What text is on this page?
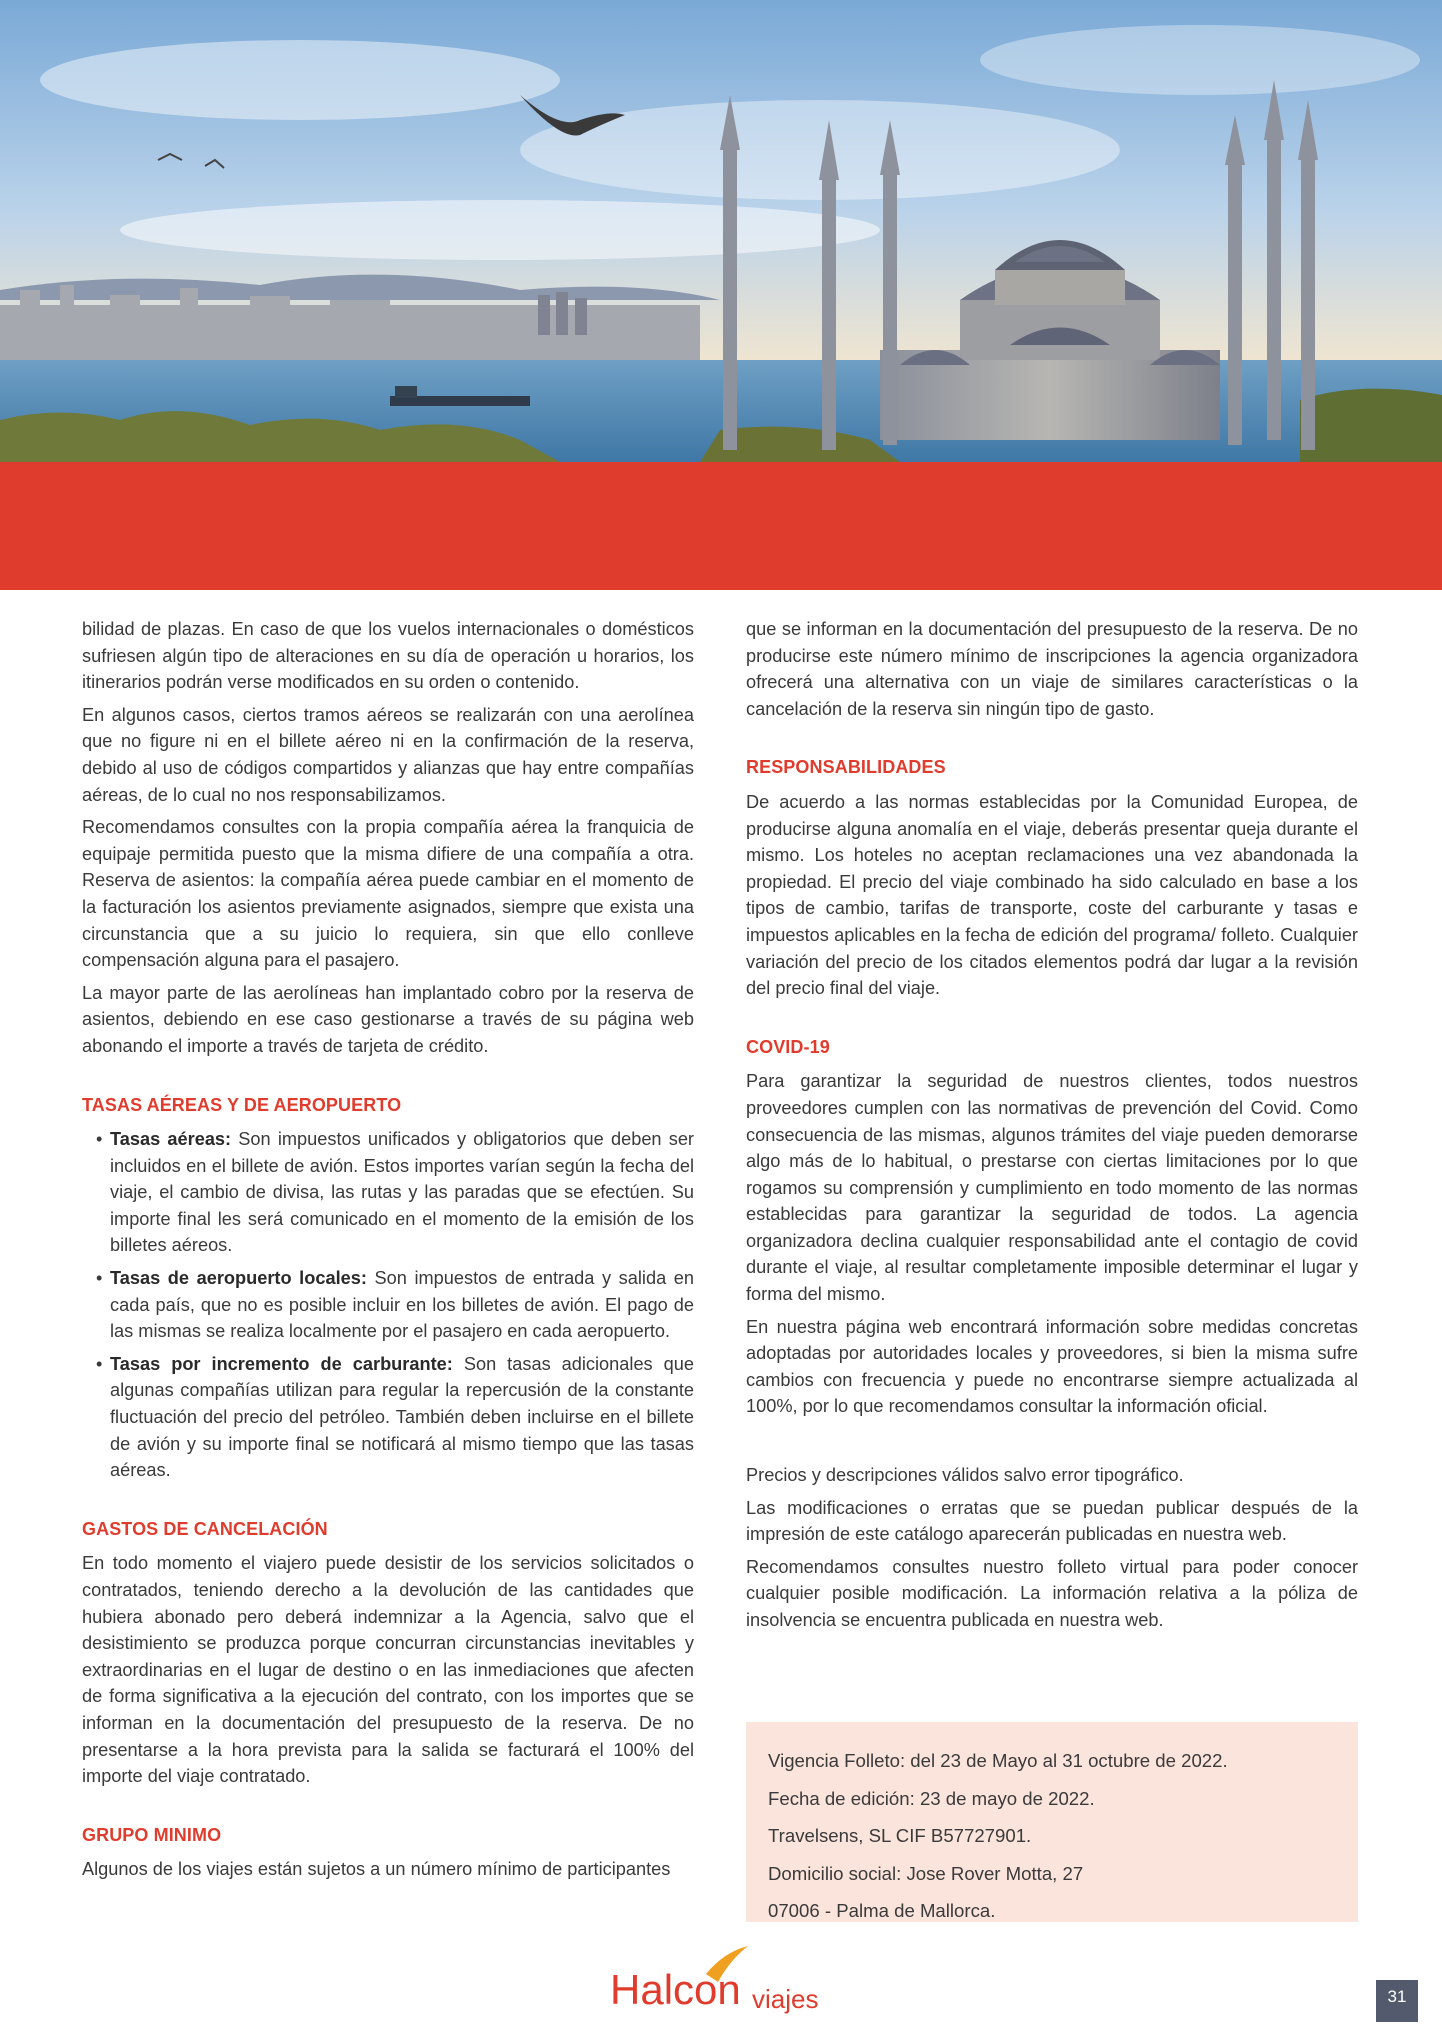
bilidad de plazas. En caso de que los vuelos internacionales o domésticos sufriesen algún tipo de alteraciones en su día de operación u horarios, los itinerarios podrán verse modificados en su orden o contenido.

En algunos casos, ciertos tramos aéreos se realizarán con una aerolínea que no figure ni en el billete aéreo ni en la confirmación de la reserva, debido al uso de códigos compartidos y alianzas que hay entre compañías aéreas, de lo cual no nos responsabilizamos.

Recomendamos consultes con la propia compañía aérea la franquicia de equipaje permitida puesto que la misma difiere de una compañía a otra. Reserva de asientos: la compañía aérea puede cambiar en el momento de la facturación los asientos previamente asignados, siempre que exista una circunstancia que a su juicio lo requiera, sin que ello conlleve compensación alguna para el pasajero.

La mayor parte de las aerolíneas han implantado cobro por la reserva de asientos, debiendo en ese caso gestionarse a través de su página web abonando el importe a través de tarjeta de crédito.

TASAS AÉREAS Y DE AEROPUERTO
• Tasas aéreas: Son impuestos unificados y obligatorios que deben ser incluidos en el billete de avión. Estos importes varían según la fecha del viaje, el cambio de divisa, las rutas y las paradas que se efectúen. Su importe final les será comunicado en el momento de la emisión de los billetes aéreos.
• Tasas de aeropuerto locales: Son impuestos de entrada y salida en cada país, que no es posible incluir en los billetes de avión. El pago de las mismas se realiza localmente por el pasajero en cada aeropuerto.
• Tasas por incremento de carburante: Son tasas adicionales que algunas compañías utilizan para regular la repercusión de la constante fluctuación del precio del petróleo. También deben incluirse en el billete de avión y su importe final se notificará al mismo tiempo que las tasas aéreas.
GASTOS DE CANCELACIÓN

En todo momento el viajero puede desistir de los servicios solicitados o contratados, teniendo derecho a la devolución de las cantidades que hubiera abonado pero deberá indemnizar a la Agencia, salvo que el desistimiento se produzca porque concurran circunstancias inevitables y extraordinarias en el lugar de destino o en las inmediaciones que afecten de forma significativa a la ejecución del contrato, con los importes que se informan en la documentación del presupuesto de la reserva. De no presentarse a la hora prevista para la salida se facturará el 100% del importe del viaje contratado.

GRUPO MINIMO

Algunos de los viajes están sujetos a un número mínimo de participantes

que se informan en la documentación del presupuesto de la reserva. De no producirse este número mínimo de inscripciones la agencia organizadora ofrecerá una alternativa con un viaje de similares características o la cancelación de la reserva sin ningún tipo de gasto.

RESPONSABILIDADES

De acuerdo a las normas establecidas por la Comunidad Europea, de producirse alguna anomalía en el viaje, deberás presentar queja durante el mismo. Los hoteles no aceptan reclamaciones una vez abandonada la propiedad. El precio del viaje combinado ha sido calculado en base a los tipos de cambio, tarifas de transporte, coste del carburante y tasas e impuestos aplicables en la fecha de edición del programa/ folleto. Cualquier variación del precio de los citados elementos podrá dar lugar a la revisión del precio final del viaje.

COVID-19

Para garantizar la seguridad de nuestros clientes, todos nuestros proveedores cumplen con las normativas de prevención del Covid. Como consecuencia de las mismas, algunos trámites del viaje pueden demorarse algo más de lo habitual, o prestarse con ciertas limitaciones por lo que rogamos su comprensión y cumplimiento en todo momento de las normas establecidas para garantizar la seguridad de todos. La agencia organizadora declina cualquier responsabilidad ante el contagio de covid durante el viaje, al resultar completamente imposible determinar el lugar y forma del mismo.

En nuestra página web encontrará información sobre medidas concretas adoptadas por autoridades locales y proveedores, si bien la misma sufre cambios con frecuencia y puede no encontrarse siempre actualizada al 100%, por lo que recomendamos consultar la información oficial.

Precios y descripciones válidos salvo error tipográfico.

Las modificaciones o erratas que se puedan publicar después de la impresión de este catálogo aparecerán publicadas en nuestra web.

Recomendamos consultes nuestro folleto virtual para poder conocer cualquier posible modificación. La información relativa a la póliza de insolvencia se encuentra publicada en nuestra web.

Vigencia Folleto: del 23 de Mayo al 31 octubre de 2022.
Fecha de edición: 23 de mayo de 2022.
Travelsens, SL CIF B57727901.
Domicilio social: Jose Rover Motta, 27
07006 - Palma de Mallorca.
Halcon viajes	31
